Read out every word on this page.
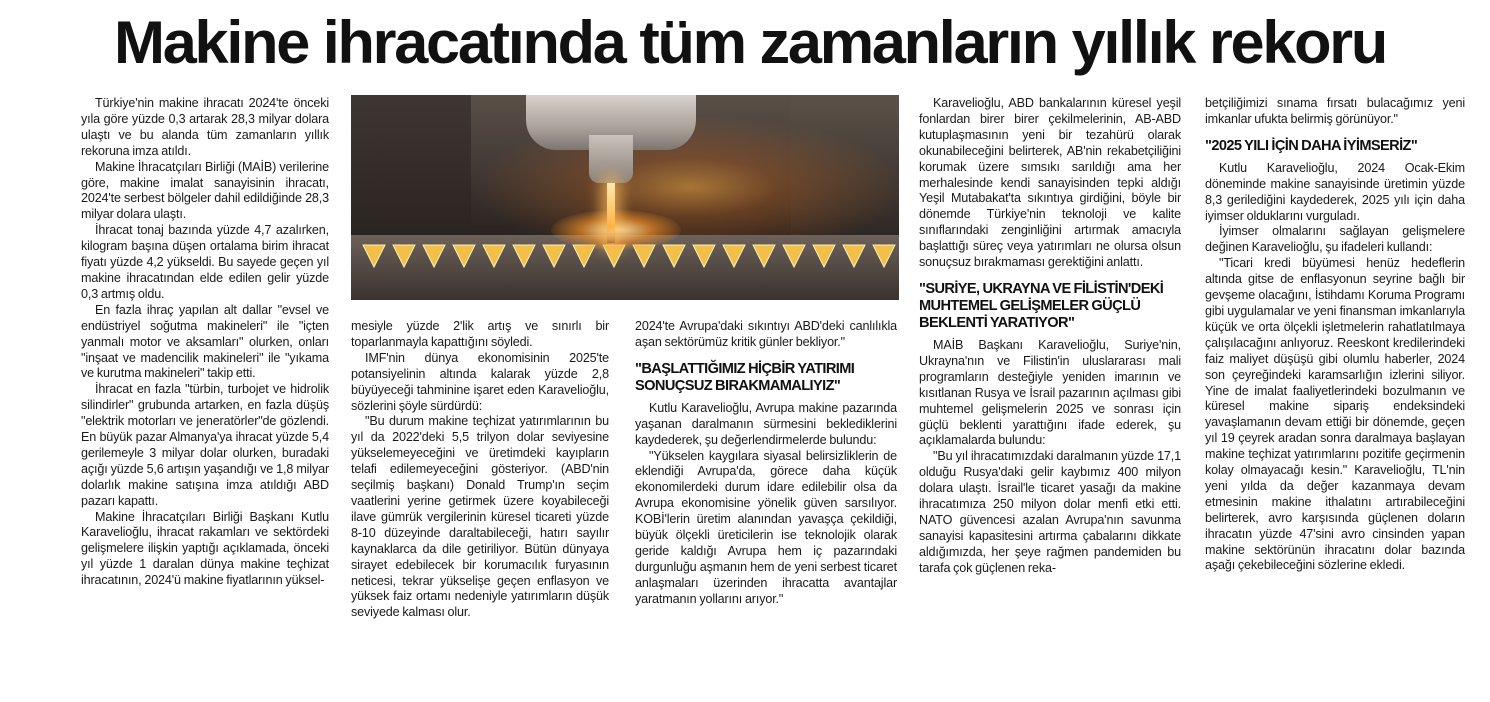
Makine ihracatında tüm zamanların yıllık rekoru

Türkiye'nin makine ihracatı 2024'te önceki yıla göre yüzde 0,3 artarak 28,3 milyar dolara ulaştı ve bu alanda tüm zamanların yıllık rekoruna imza atıldı.

Makine İhracatçıları Birliği (MAİB) verilerine göre, makine imalat sanayisinin ihracatı, 2024'te serbest bölgeler dahil edildiğinde 28,3 milyar dolara ulaştı.

İhracat tonaj bazında yüzde 4,7 azalırken, kilogram başına düşen ortalama birim ihracat fiyatı yüzde 4,2 yükseldi. Bu sayede geçen yıl makine ihracatından elde edilen gelir yüzde 0,3 artmış oldu.

En fazla ihraç yapılan alt dallar "evsel ve endüstriyel soğutma makineleri" ile "içten yanmalı motor ve aksamları" olurken, onları "inşaat ve madencilik makineleri" ile "yıkama ve kurutma makineleri" takip etti.

İhracat en fazla "türbin, turbojet ve hidrolik silindirler" grubunda artarken, en fazla düşüş "elektrik motorları ve jeneratörler"de gözlendi. En büyük pazar Almanya'ya ihracat yüzde 5,4 gerilemeyle 3 milyar dolar olurken, buradaki açığı yüzde 5,6 artışın yaşandığı ve 1,8 milyar dolarlık makine satışına imza atıldığı ABD pazarı kapattı.

Makine İhracatçıları Birliği Başkanı Kutlu Karavelioğlu, ihracat rakamları ve sektördeki gelişmelere ilişkin yaptığı açıklamada, önceki yıl yüzde 1 daralan dünya makine teçhizat ihracatının, 2024'ü makine fiyatlarının yüksel-

mesiyle yüzde 2'lik artış ve sınırlı bir toparlanmayla kapattığını söyledi.

IMF'nin dünya ekonomisinin 2025'te potansiyelinin altında kalarak yüzde 2,8 büyüyeceği tahminine işaret eden Karavelioğlu, sözlerini şöyle sürdürdü:

"Bu durum makine teçhizat yatırımlarının bu yıl da 2022'deki 5,5 trilyon dolar seviyesine yükselemeyeceğini ve üretimdeki kayıpların telafi edilemeyeceğini gösteriyor. (ABD'nin seçilmiş başkanı) Donald Trump'ın seçim vaatlerini yerine getirmek üzere koyabileceği ilave gümrük vergilerinin küresel ticareti yüzde 8-10 düzeyinde daraltabileceği, hatırı sayılır kaynaklarca da dile getiriliyor. Bütün dünyaya sirayet edebilecek bir korumacılık furyasının neticesi, tekrar yükselişe geçen enflasyon ve yüksek faiz ortamı nedeniyle yatırımların düşük seviyede kalması olur.

2024'te Avrupa'daki sıkıntıyı ABD'deki canlılıkla aşan sektörümüz kritik günler bekliyor."

"BAŞLATTIĞIMIZ HİÇBİR YATIRIMI SONUÇSUZ BIRAKMAMALIYIZ"

Kutlu Karavelioğlu, Avrupa makine pazarında yaşanan daralmanın sürmesini beklediklerini kaydederek, şu değerlendirmelerde bulundu:

"Yükselen kaygılara siyasal belirsizliklerin de eklendiği Avrupa'da, görece daha küçük ekonomilerdeki durum idare edilebilir olsa da Avrupa ekonomisine yönelik güven sarsılıyor. KOBİ'lerin üretim alanından yavaşça çekildiği, büyük ölçekli üreticilerin ise teknolojik olarak geride kaldığı Avrupa hem iç pazarındaki durgunluğu aşmanın hem de yeni serbest ticaret anlaşmaları üzerinden ihracatta avantajlar yaratmanın yollarını arıyor."

Karavelioğlu, ABD bankalarının küresel yeşil fonlardan birer birer çekilmelerinin, AB-ABD kutuplaşmasının yeni bir tezahürü olarak okunabileceğini belirterek, AB'nin rekabetçiliğini korumak üzere sımsıkı sarıldığı ama her merhalesinde kendi sanayisinden tepki aldığı Yeşil Mutabakat'ta sıkıntıya girdiğini, böyle bir dönemde Türkiye'nin teknoloji ve kalite sınıflarındaki zenginliğini artırmak amacıyla başlattığı süreç veya yatırımları ne olursa olsun sonuçsuz bırakmaması gerektiğini anlattı.

"SURİYE, UKRAYNA VE FİLİSTİN'DEKİ MUHTEMEL GELİŞMELER GÜÇLÜ BEKLENTİ YARATIYOR"

MAİB Başkanı Karavelioğlu, Suriye'nin, Ukrayna'nın ve Filistin'in uluslararası mali programların desteğiyle yeniden imarının ve kısıtlanan Rusya ve İsrail pazarının açılması gibi muhtemel gelişmelerin 2025 ve sonrası için güçlü beklenti yarattığını ifade ederek, şu açıklamalarda bulundu:

"Bu yıl ihracatımızdaki daralmanın yüzde 17,1 olduğu Rusya'daki gelir kaybımız 400 milyon dolara ulaştı. İsrail'le ticaret yasağı da makine ihracatımıza 250 milyon dolar menfi etki etti. NATO güvencesi azalan Avrupa'nın savunma sanayisi kapasitesini artırma çabalarını dikkate aldığımızda, her şeye rağmen pandemiden bu tarafa çok güçlenen reka-

betçiliğimizi sınama fırsatı bulacağımız yeni imkanlar ufukta belirmiş görünüyor."

"2025 YILI İÇİN DAHA İYİMSERİZ"

Kutlu Karavelioğlu, 2024 Ocak-Ekim döneminde makine sanayisinde üretimin yüzde 8,3 gerilediğini kaydederek, 2025 yılı için daha iyimser olduklarını vurguladı.

İyimser olmalarını sağlayan gelişmelere değinen Karavelioğlu, şu ifadeleri kullandı:

"Ticari kredi büyümesi henüz hedeflerin altında gitse de enflasyonun seyrine bağlı bir gevşeme olacağını, İstihdamı Koruma Programı gibi uygulamalar ve yeni finansman imkanlarıyla küçük ve orta ölçekli işletmelerin rahatlatılmaya çalışılacağını anlıyoruz. Reeskont kredilerindeki faiz maliyet düşüşü gibi olumlu haberler, 2024 son çeyreğindeki karamsarlığın izlerini siliyor. Yine de imalat faaliyetlerindeki bozulmanın ve küresel makine sipariş endeksindeki yavaşlamanın devam ettiği bir dönemde, geçen yıl 19 çeyrek aradan sonra daralmaya başlayan makine teçhizat yatırımlarını pozitife geçirmenin kolay olmayacağı kesin." Karavelioğlu, TL'nin yeni yılda da değer kazanmaya devam etmesinin makine ithalatını artırabileceğini belirterek, avro karşısında güçlenen doların ihracatın yüzde 47'sini avro cinsinden yapan makine sektörünün ihracatını dolar bazında aşağı çekebileceğini sözlerine ekledi.
